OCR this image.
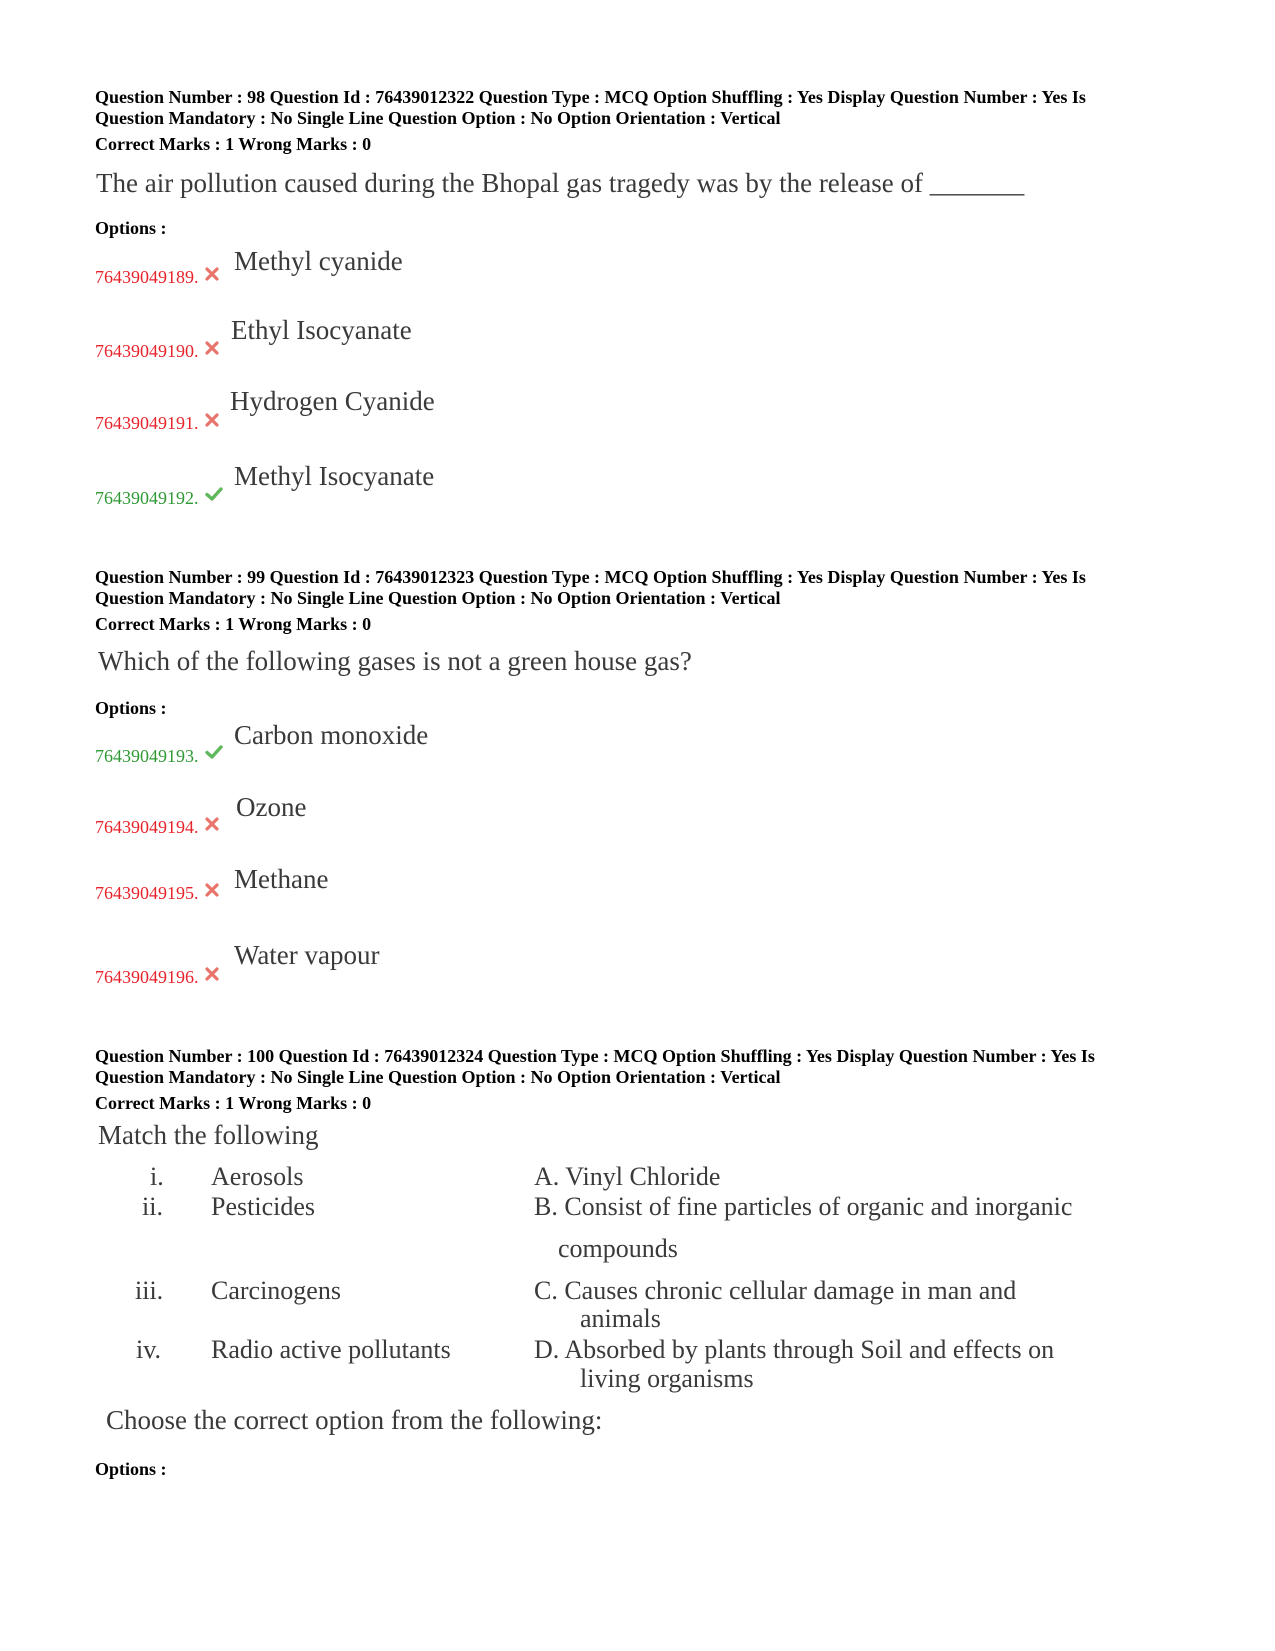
Question Number : 98 Question Id : 76439012322 Question Type : MCQ Option Shuffling : Yes Display Question Number : Yes Is
Question Mandatory : No Single Line Question Option : No Option Orientation : Vertical
Correct Marks : 1 Wrong Marks : 0
The air pollution caused during the Bhopal gas tragedy was by the release of _______
Options :
76439049189.
Methyl cyanide
76439049190.
Ethyl Isocyanate
76439049191.
Hydrogen Cyanide
76439049192.
Methyl Isocyanate
Question Number : 99 Question Id : 76439012323 Question Type : MCQ Option Shuffling : Yes Display Question Number : Yes Is
Question Mandatory : No Single Line Question Option : No Option Orientation : Vertical
Correct Marks : 1 Wrong Marks : 0
Which of the following gases is not a green house gas?
Options :
76439049193.
Carbon monoxide
76439049194.
Ozone
76439049195. Methane
76439049196.
Water vapour
Question Number : 100 Question Id : 76439012324 Question Type : MCQ Option Shuffling : Yes Display Question Number : Yes Is
Question Mandatory : No Single Line Question Option : No Option Orientation : Vertical
Correct Marks : 1 Wrong Marks : 0
Match the following
i. Aerosols
ii. Pesticides
iii. Carcinogens
iv. Radio active pollutants
A. Vinyl Chloride
B. Consist of fine particles of organic and inorganic
compounds
C. Causes chronic cellular damage in man and
animals
D. Absorbed by plants through Soil and effects on
living organisms
Choose the correct option from the following:
Options :
